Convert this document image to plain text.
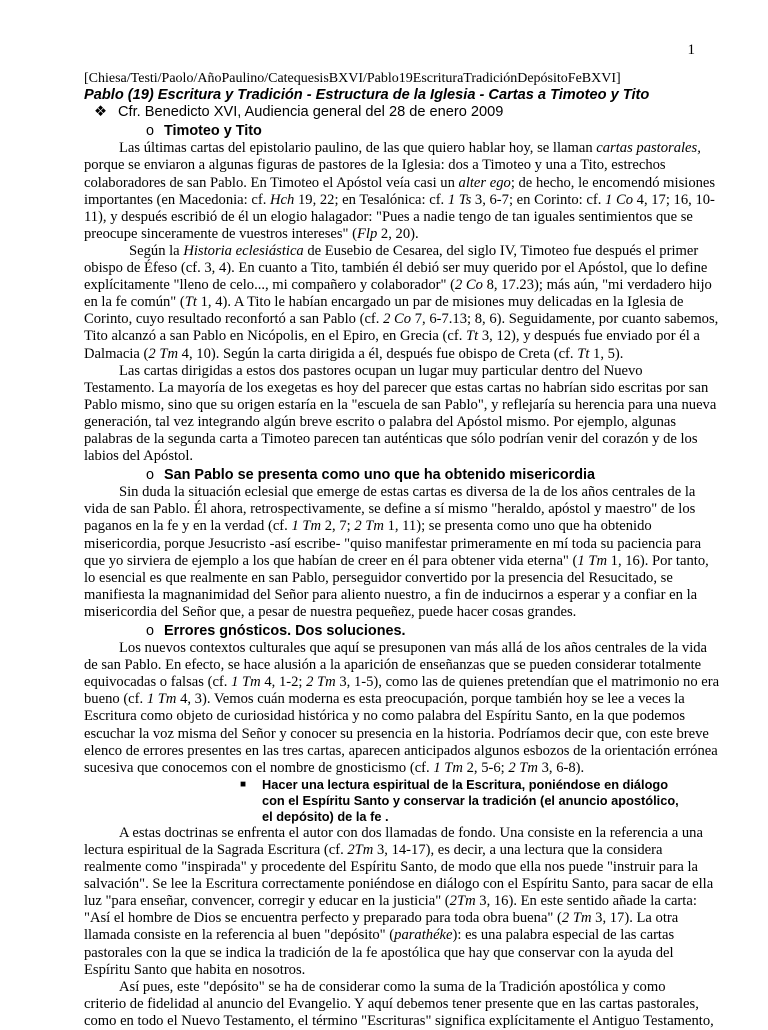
1
[Chiesa/Testi/Paolo/AñoPaulino/CatequesisBXVI/Pablo19EscrituraTradiciónDepósitoFeBXVI]
Pablo (19) Escritura y Tradición - Estructura de la Iglesia - Cartas a Timoteo y Tito
❖ Cfr. Benedicto XVI, Audiencia general del 28 de enero 2009
o Timoteo y Tito
Las últimas cartas del epistolario paulino, de las que quiero hablar hoy, se llaman cartas pastorales,
porque se enviaron a algunas figuras de pastores de la Iglesia: dos a Timoteo y una a Tito, estrechos
colaboradores de san Pablo. En Timoteo el Apóstol veía casi un alter ego; de hecho, le encomendó misiones
importantes (en Macedonia: cf. Hch 19, 22; en Tesalónica: cf. 1 Ts 3, 6-7; en Corinto: cf. 1 Co 4, 17; 16, 10-
11), y después escribió de él un elogio halagador: "Pues a nadie tengo de tan iguales sentimientos que se
preocupe sinceramente de vuestros intereses" (Flp 2, 20).
Según la Historia eclesiástica de Eusebio de Cesarea, del siglo IV, Timoteo fue después el primer
obispo de Éfeso (cf. 3, 4). En cuanto a Tito, también él debió ser muy querido por el Apóstol, que lo define
explícitamente "lleno de celo..., mi compañero y colaborador" (2 Co 8, 17.23); más aún, "mi verdadero hijo
en la fe común" (Tt 1, 4). A Tito le habían encargado un par de misiones muy delicadas en la Iglesia de
Corinto, cuyo resultado reconfortó a san Pablo (cf. 2 Co 7, 6-7.13; 8, 6). Seguidamente, por cuanto sabemos,
Tito alcanzó a san Pablo en Nicópolis, en el Epiro, en Grecia (cf. Tt 3, 12), y después fue enviado por él a
Dalmacia (2 Tm 4, 10). Según la carta dirigida a él, después fue obispo de Creta (cf. Tt 1, 5).
Las cartas dirigidas a estos dos pastores ocupan un lugar muy particular dentro del Nuevo
Testamento. La mayoría de los exegetas es hoy del parecer que estas cartas no habrían sido escritas por san
Pablo mismo, sino que su origen estaría en la "escuela de san Pablo", y reflejaría su herencia para una nueva
generación, tal vez integrando algún breve escrito o palabra del Apóstol mismo. Por ejemplo, algunas
palabras de la segunda carta a Timoteo parecen tan auténticas que sólo podrían venir del corazón y de los
labios del Apóstol.
o San Pablo se presenta como uno que ha obtenido misericordia
Sin duda la situación eclesial que emerge de estas cartas es diversa de la de los años centrales de la
vida de san Pablo. Él ahora, retrospectivamente, se define a sí mismo "heraldo, apóstol y maestro" de los
paganos en la fe y en la verdad (cf. 1 Tm 2, 7; 2 Tm 1, 11); se presenta como uno que ha obtenido
misericordia, porque Jesucristo -así escribe- "quiso manifestar primeramente en mí toda su paciencia para
que yo sirviera de ejemplo a los que habían de creer en él para obtener vida eterna" (1 Tm 1, 16). Por tanto,
lo esencial es que realmente en san Pablo, perseguidor convertido por la presencia del Resucitado, se
manifiesta la magnanimidad del Señor para aliento nuestro, a fin de inducirnos a esperar y a confiar en la
misericordia del Señor que, a pesar de nuestra pequeñez, puede hacer cosas grandes.
o Errores gnósticos. Dos soluciones.
Los nuevos contextos culturales que aquí se presuponen van más allá de los años centrales de la vida
de san Pablo. En efecto, se hace alusión a la aparición de enseñanzas que se pueden considerar totalmente
equivocadas o falsas (cf. 1 Tm 4, 1-2; 2 Tm 3, 1-5), como las de quienes pretendían que el matrimonio no era
bueno (cf. 1 Tm 4, 3). Vemos cuán moderna es esta preocupación, porque también hoy se lee a veces la
Escritura como objeto de curiosidad histórica y no como palabra del Espíritu Santo, en la que podemos
escuchar la voz misma del Señor y conocer su presencia en la historia. Podríamos decir que, con este breve
elenco de errores presentes en las tres cartas, aparecen anticipados algunos esbozos de la orientación errónea
sucesiva que conocemos con el nombre de gnosticismo (cf. 1 Tm 2, 5-6; 2 Tm 3, 6-8).
■ Hacer una lectura espiritual de la Escritura, poniéndose en diálogo con el Espíritu Santo y conservar la tradición (el anuncio apostólico, el depósito) de la fe .
A estas doctrinas se enfrenta el autor con dos llamadas de fondo. Una consiste en la referencia a una
lectura espiritual de la Sagrada Escritura (cf. 2Tm 3, 14-17), es decir, a una lectura que la considera
realmente como "inspirada" y procedente del Espíritu Santo, de modo que ella nos puede "instruir para la
salvación". Se lee la Escritura correctamente poniéndose en diálogo con el Espíritu Santo, para sacar de ella
luz "para enseñar, convencer, corregir y educar en la justicia" (2Tm 3, 16). En este sentido añade la carta:
"Así el hombre de Dios se encuentra perfecto y preparado para toda obra buena" (2 Tm 3, 17). La otra
llamada consiste en la referencia al buen "depósito" (parathéke): es una palabra especial de las cartas
pastorales con la que se indica la tradición de la fe apostólica que hay que conservar con la ayuda del
Espíritu Santo que habita en nosotros.
Así pues, este "depósito" se ha de considerar como la suma de la Tradición apostólica y como
criterio de fidelidad al anuncio del Evangelio. Y aquí debemos tener presente que en las cartas pastorales,
como en todo el Nuevo Testamento, el término "Escrituras" significa explícitamente el Antiguo Testamento,
